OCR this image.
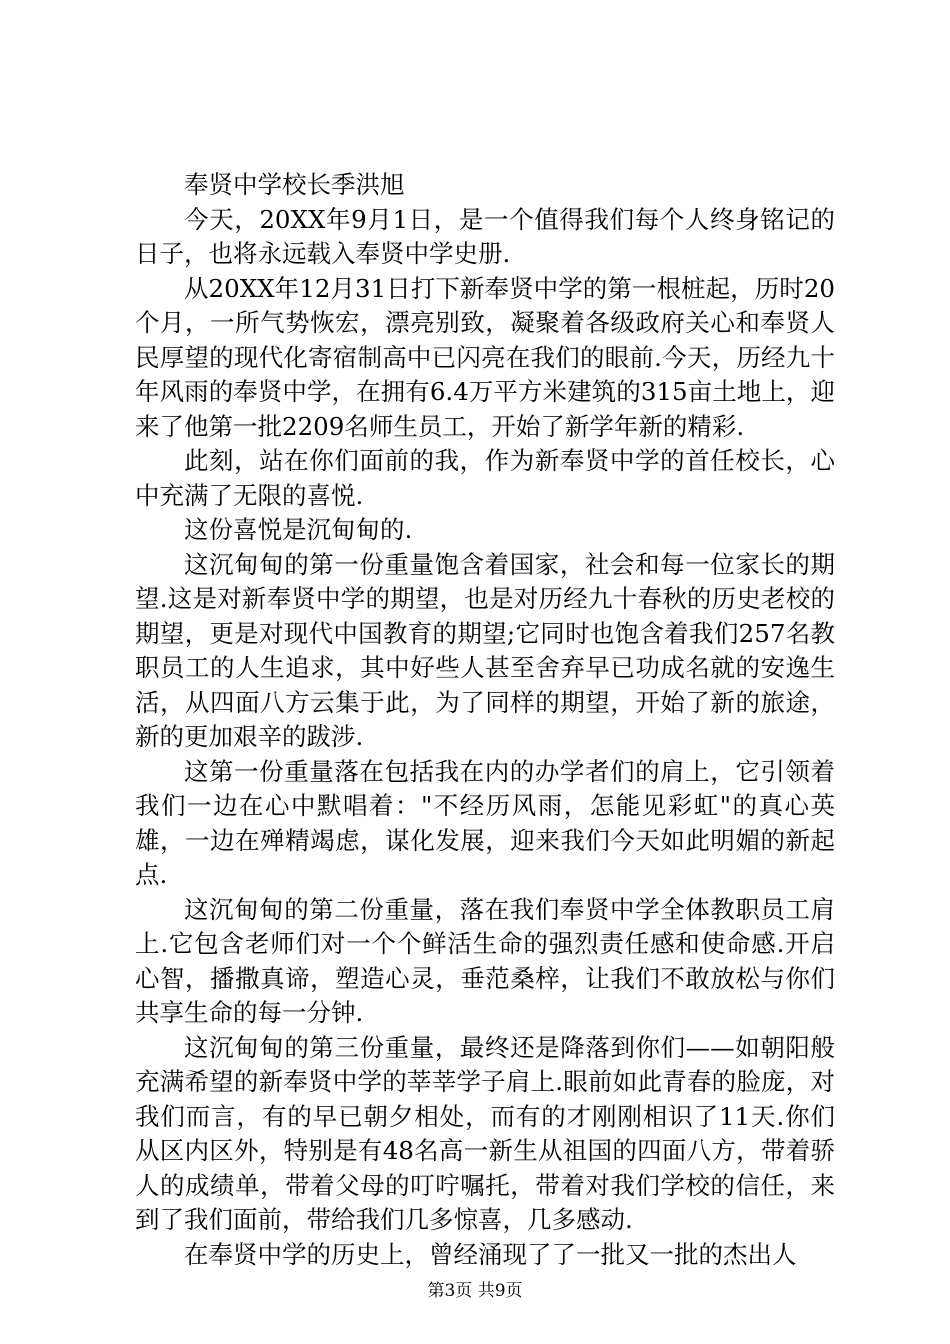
奉贤中学校长季洪旭

今天，20XX年9月1日，是一个值得我们每个人终身铭记的日子，也将永远载入奉贤中学史册.

从20XX年12月31日打下新奉贤中学的第一根桩起，历时20个月，一所气势恢宏，漂亮别致，凝聚着各级政府关心和奉贤人民厚望的现代化寄宿制高中已闪亮在我们的眼前.今天，历经九十年风雨的奉贤中学，在拥有6.4万平方米建筑的315亩土地上，迎来了他第一批2209名师生员工，开始了新学年新的精彩.

此刻，站在你们面前的我，作为新奉贤中学的首任校长，心中充满了无限的喜悦.

这份喜悦是沉甸甸的.

这沉甸甸的第一份重量饱含着国家，社会和每一位家长的期望.这是对新奉贤中学的期望，也是对历经九十春秋的历史老校的期望，更是对现代中国教育的期望;它同时也饱含着我们257名教职员工的人生追求，其中好些人甚至舍弃早已功成名就的安逸生活，从四面八方云集于此，为了同样的期望，开始了新的旅途，新的更加艰辛的跋涉.

这第一份重量落在包括我在内的办学者们的肩上，它引领着我们一边在心中默唱着："不经历风雨，怎能见彩虹"的真心英雄，一边在殚精竭虑，谋化发展，迎来我们今天如此明媚的新起点.

这沉甸甸的第二份重量，落在我们奉贤中学全体教职员工肩上.它包含老师们对一个个鲜活生命的强烈责任感和使命感.开启心智，播撒真谛，塑造心灵，垂范桑梓，让我们不敢放松与你们共享生命的每一分钟.

这沉甸甸的第三份重量，最终还是降落到你们——如朝阳般充满希望的新奉贤中学的莘莘学子肩上.眼前如此青春的脸庞，对我们而言，有的早已朝夕相处，而有的才刚刚相识了11天.你们从区内区外，特别是有48名高一新生从祖国的四面八方，带着骄人的成绩单，带着父母的叮咛嘱托，带着对我们学校的信任，来到了我们面前，带给我们几多惊喜，几多感动.

在奉贤中学的历史上，曾经涌现了了一批又一批的杰出人

第3页 共9页
